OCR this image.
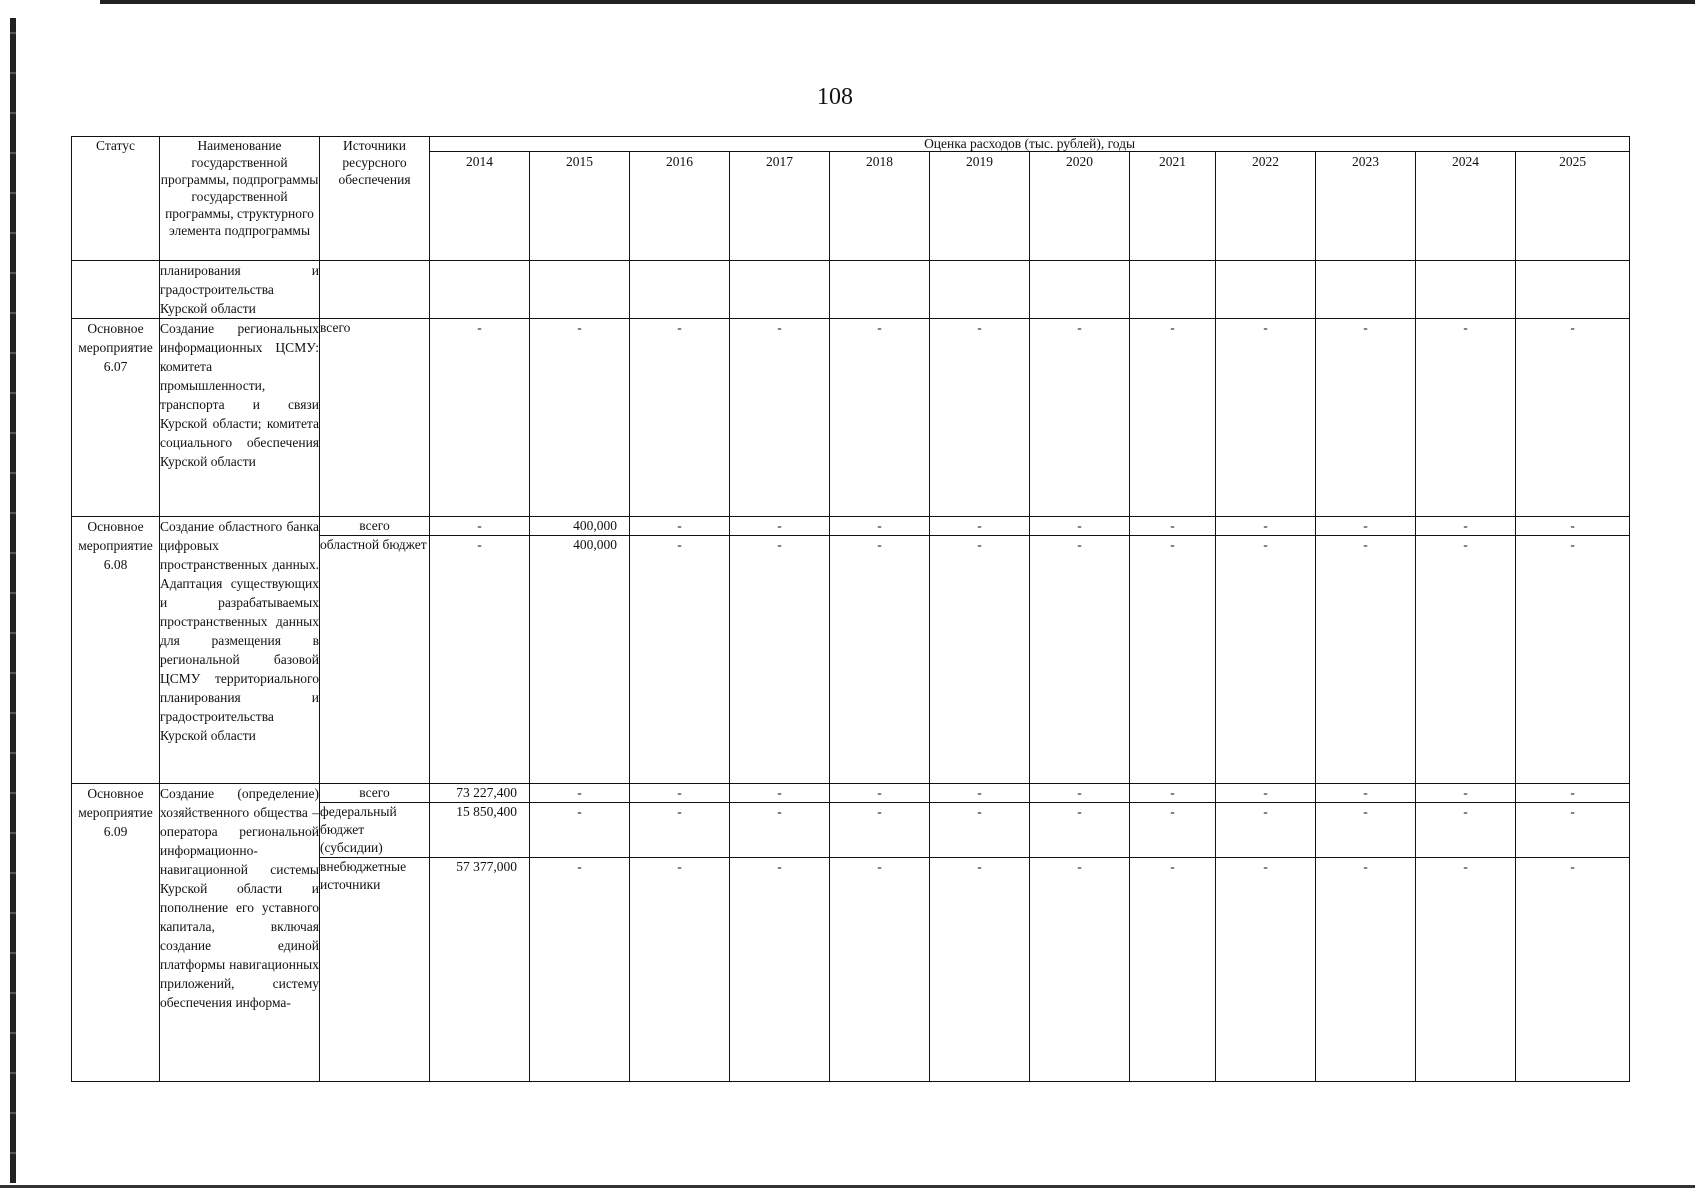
108
Статус	Наименование государственной программы, подпрограммы государственной программы, структурного элемента подпрограммы	Источники ресурсного обеспечения	Оценка расходов (тыс. рублей), годы											
			2014	2015	2016	2017	2018	2019	2020	2021	2022	2023	2024	2025
	планирования и градостроительства Курской области													
Основное мероприятие 6.07	Создание региональных информационных ЦСМУ: комитета промышленности, транспорта и связи Курской области; комитета социального обеспечения Курской области	всего	-	-	-	-	-	-	-	-	-	-	-	-
Основное мероприятие 6.08	Создание областного банка цифровых пространственных данных. Адаптация существующих и разрабатываемых пространственных данных для размещения в региональной базовой ЦСМУ территориального планирования и градостроительства Курской области	всего	-	400,000	-	-	-	-	-	-	-	-	-	-
		областной бюджет	-	400,000	-	-	-	-	-	-	-	-	-	-
Основное мероприятие 6.09	Создание (определение) хозяйственного общества – оператора региональной информационно-навигационной системы Курской области и пополнение его уставного капитала, включая создание единой платформы навигационных приложений, систему обеспечения информа-	всего	73 227,400	-	-	-	-	-	-	-	-	-	-	-
		федеральный бюджет (субсидии)	15 850,400	-	-	-	-	-	-	-	-	-	-	-
		внебюджетные источники	57 377,000	-	-	-	-	-	-	-	-	-	-	-
